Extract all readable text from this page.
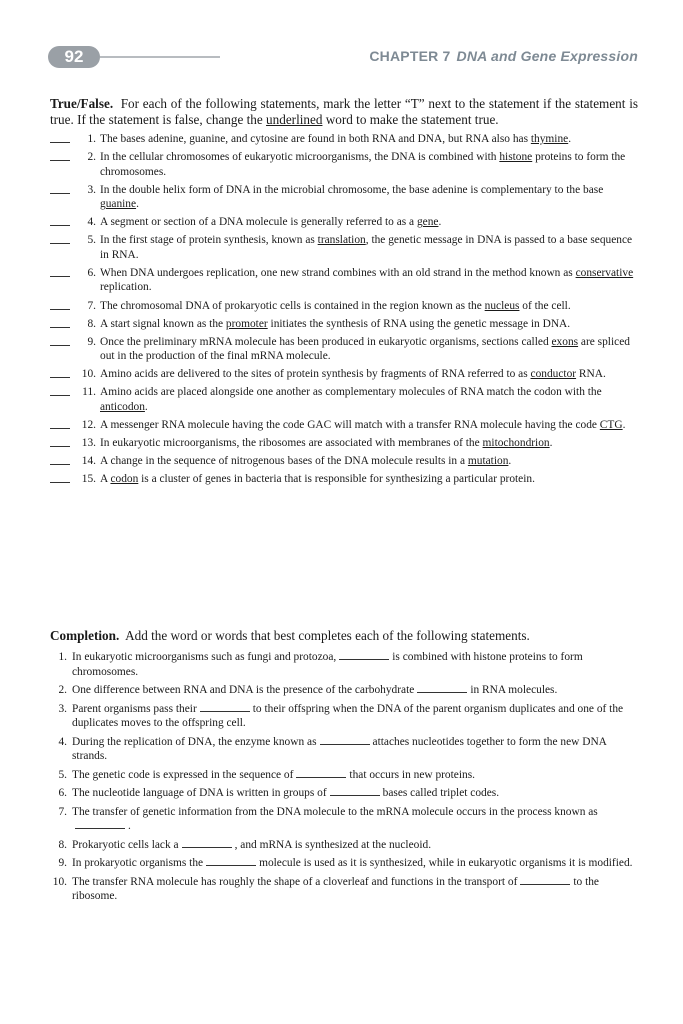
92	CHAPTER 7 DNA and Gene Expression

True/False. For each of the following statements, mark the letter “T” next to the statement if the statement is true. If the statement is false, change the underlined word to make the statement true.

1. The bases adenine, guanine, and cytosine are found in both RNA and DNA, but RNA also has thymine.
2. In the cellular chromosomes of eukaryotic microorganisms, the DNA is combined with histone proteins to form the chromosomes.
3. In the double helix form of DNA in the microbial chromosome, the base adenine is complementary to the base guanine.
4. A segment or section of a DNA molecule is generally referred to as a gene.
5. In the first stage of protein synthesis, known as translation, the genetic message in DNA is passed to a base sequence in RNA.
6. When DNA undergoes replication, one new strand combines with an old strand in the method known as conservative replication.
7. The chromosomal DNA of prokaryotic cells is contained in the region known as the nucleus of the cell.
8. A start signal known as the promoter initiates the synthesis of RNA using the genetic message in DNA.
9. Once the preliminary mRNA molecule has been produced in eukaryotic organisms, sections called exons are spliced out in the production of the final mRNA molecule.
10. Amino acids are delivered to the sites of protein synthesis by fragments of RNA referred to as conductor RNA.
11. Amino acids are placed alongside one another as complementary molecules of RNA match the codon with the anticodon.
12. A messenger RNA molecule having the code GAC will match with a transfer RNA molecule having the code CTG.
13. In eukaryotic microorganisms, the ribosomes are associated with membranes of the mitochondrion.
14. A change in the sequence of nitrogenous bases of the DNA molecule results in a mutation.
15. A codon is a cluster of genes in bacteria that is responsible for synthesizing a particular protein.

Completion. Add the word or words that best completes each of the following statements.

1. In eukaryotic microorganisms such as fungi and protozoa,	is combined with histone proteins to form chromosomes.
2. One difference between RNA and DNA is the presence of the carbohydrate	in RNA molecules.
3. Parent organisms pass their	to their offspring when the DNA of the parent organism duplicates and one of the duplicates moves to the offspring cell.
4. During the replication of DNA, the enzyme known as	attaches nucleotides together to form the new DNA strands.
5. The genetic code is expressed in the sequence of	that occurs in new proteins.
6. The nucleotide language of DNA is written in groups of	bases called triplet codes.
7. The transfer of genetic information from the DNA molecule to the mRNA molecule occurs in the process known as.
8. Prokaryotic cells lack a	, and mRNA is synthesized at the nucleoid.
9. In prokaryotic organisms the	molecule is used as it is synthesized, while in eukaryotic organisms it is modified.
10. The transfer RNA molecule has roughly the shape of a cloverleaf and functions in the transport of	to the ribosome.
